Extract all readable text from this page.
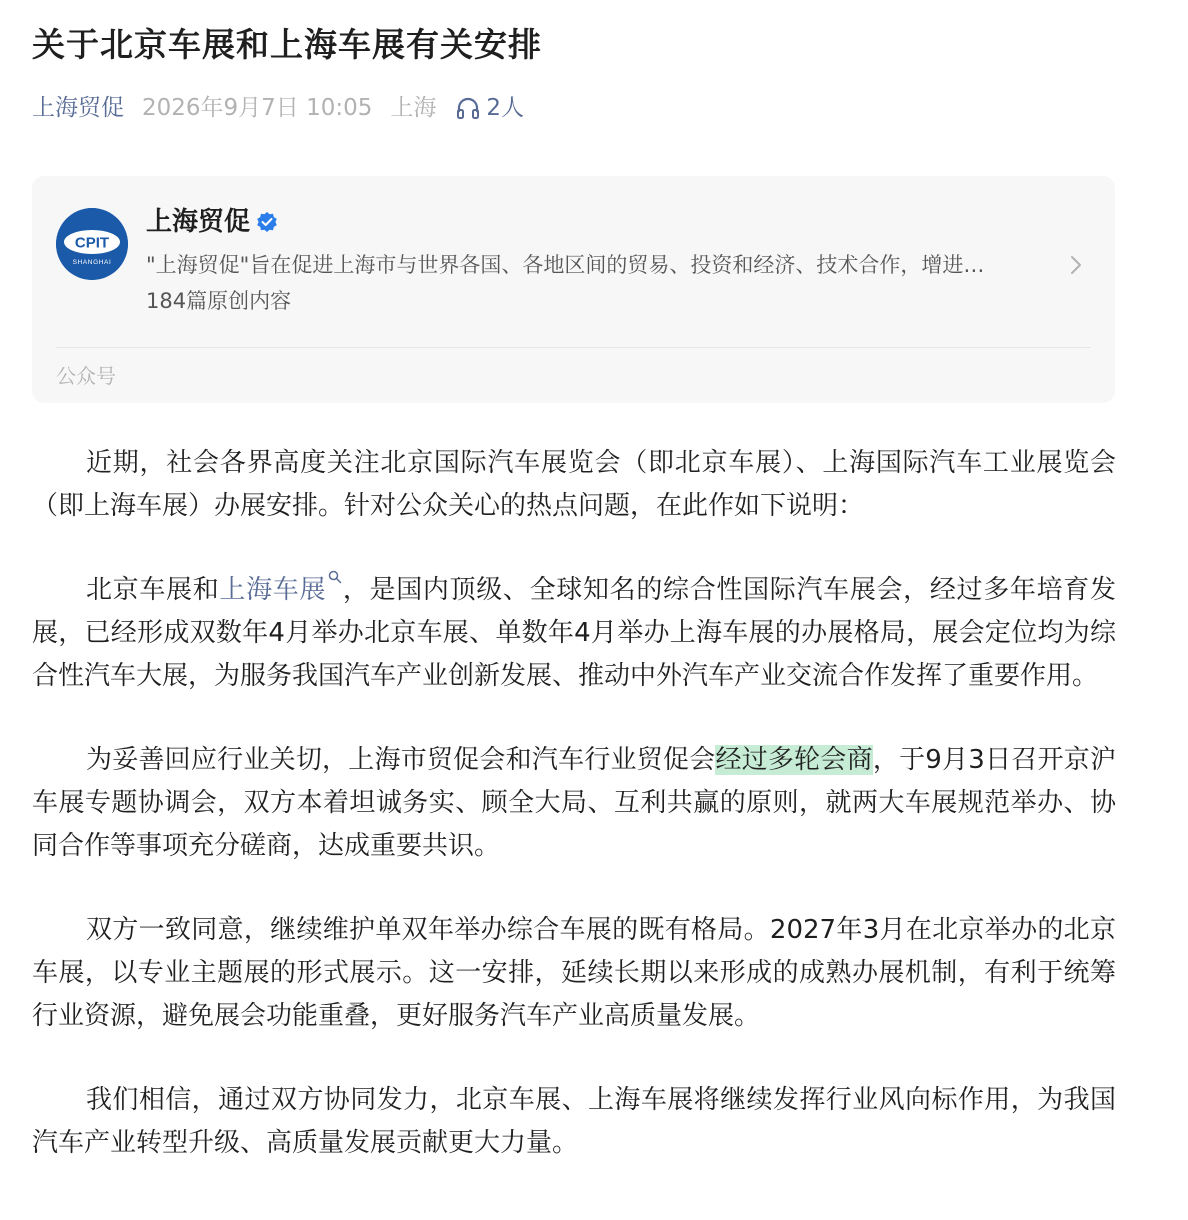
关于北京车展和上海车展有关安排
上海贸促 2026年9月7日 10:05 上海 2人
CPIT
SHANGHAI
上海贸促
"上海贸促"旨在促进上海市与世界各国、各地区间的贸易、投资和经济、技术合作，增进…
184篇原创内容
公众号

近期，社会各界高度关注北京国际汽车展览会（即北京车展）、上海国际汽车工业展览会（即上海车展）办展安排。针对公众关心的热点问题，在此作如下说明：

北京车展和上海车展 ，是国内顶级、全球知名的综合性国际汽车展会，经过多年培育发展，已经形成双数年4月举办北京车展、单数年4月举办上海车展的办展格局，展会定位均为综合性汽车大展，为服务我国汽车产业创新发展、推动中外汽车产业交流合作发挥了重要作用。

为妥善回应行业关切，上海市贸促会和汽车行业贸促会经过多轮会商，于9月3日召开京沪车展专题协调会，双方本着坦诚务实、顾全大局、互利共赢的原则，就两大车展规范举办、协同合作等事项充分磋商，达成重要共识。

双方一致同意，继续维护单双年举办综合车展的既有格局。2027年3月在北京举办的北京车展，以专业主题展的形式展示。这一安排，延续长期以来形成的成熟办展机制，有利于统筹行业资源，避免展会功能重叠，更好服务汽车产业高质量发展。

我们相信，通过双方协同发力，北京车展、上海车展将继续发挥行业风向标作用，为我国汽车产业转型升级、高质量发展贡献更大力量。
